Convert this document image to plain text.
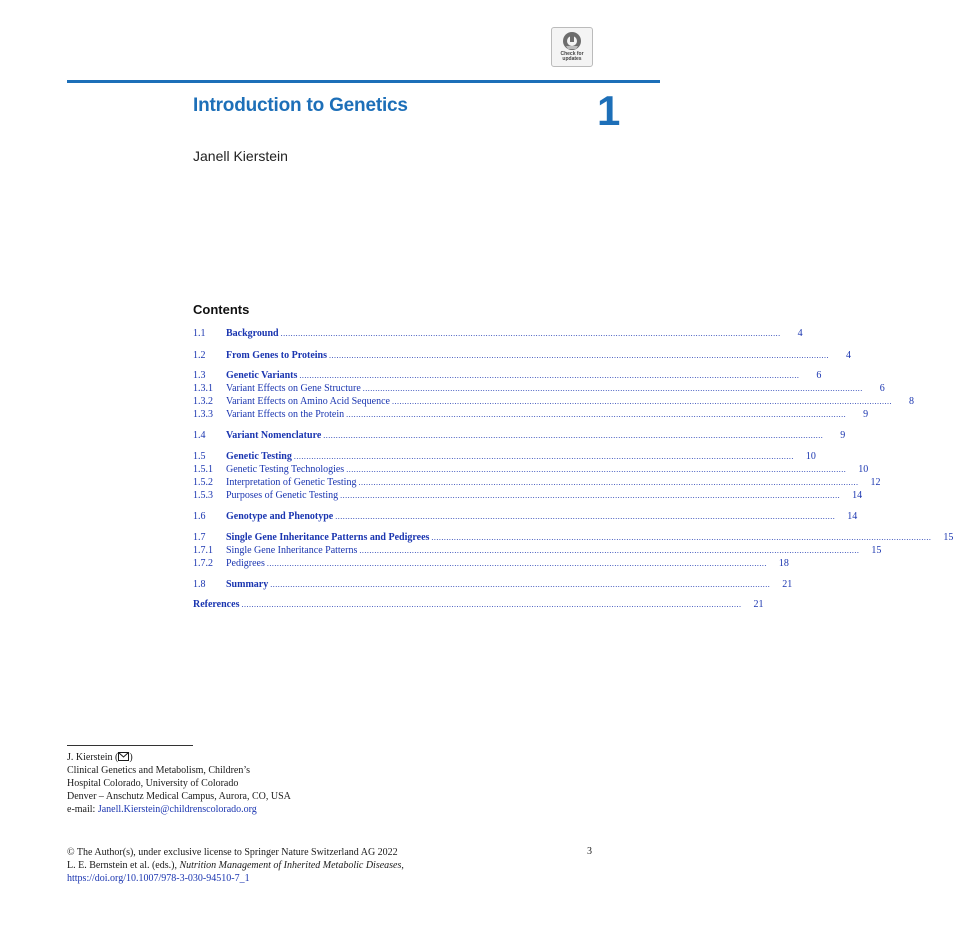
Check for
updates
Introduction to Genetics	1
Janell Kierstein
Contents
1.1	Background ........................................................................................................................................................................................................	4
1.2	From Genes to Proteins ........................................................................................................................................................................................................	4
1.3	Genetic Variants ........................................................................................................................................................................................................	6
1.3.1	Variant Effects on Gene Structure ........................................................................................................................................................................................................	6
1.3.2	Variant Effects on Amino Acid Sequence ........................................................................................................................................................................................................	8
1.3.3	Variant Effects on the Protein ........................................................................................................................................................................................................	9
1.4	Variant Nomenclature ........................................................................................................................................................................................................	9
1.5	Genetic Testing ........................................................................................................................................................................................................	10
1.5.1	Genetic Testing Technologies ........................................................................................................................................................................................................	10
1.5.2	Interpretation of Genetic Testing ........................................................................................................................................................................................................	12
1.5.3	Purposes of Genetic Testing ........................................................................................................................................................................................................	14
1.6	Genotype and Phenotype ........................................................................................................................................................................................................	14
1.7	Single Gene Inheritance Patterns and Pedigrees ........................................................................................................................................................................................................	15
1.7.1	Single Gene Inheritance Patterns ........................................................................................................................................................................................................	15
1.7.2	Pedigrees ........................................................................................................................................................................................................	18
1.8	Summary ........................................................................................................................................................................................................	21
References ........................................................................................................................................................................................................	21
J. Kierstein ( )
Clinical Genetics and Metabolism, Children’s
Hospital Colorado, University of Colorado
Denver – Anschutz Medical Campus, Aurora, CO, USA
e-mail: Janell.Kierstein@childrenscolorado.org
© The Author(s), under exclusive license to Springer Nature Switzerland AG 2022
L. E. Bernstein et al. (eds.), Nutrition Management of Inherited Metabolic Diseases,
https://doi.org/10.1007/978-3-030-94510-7_1
3
